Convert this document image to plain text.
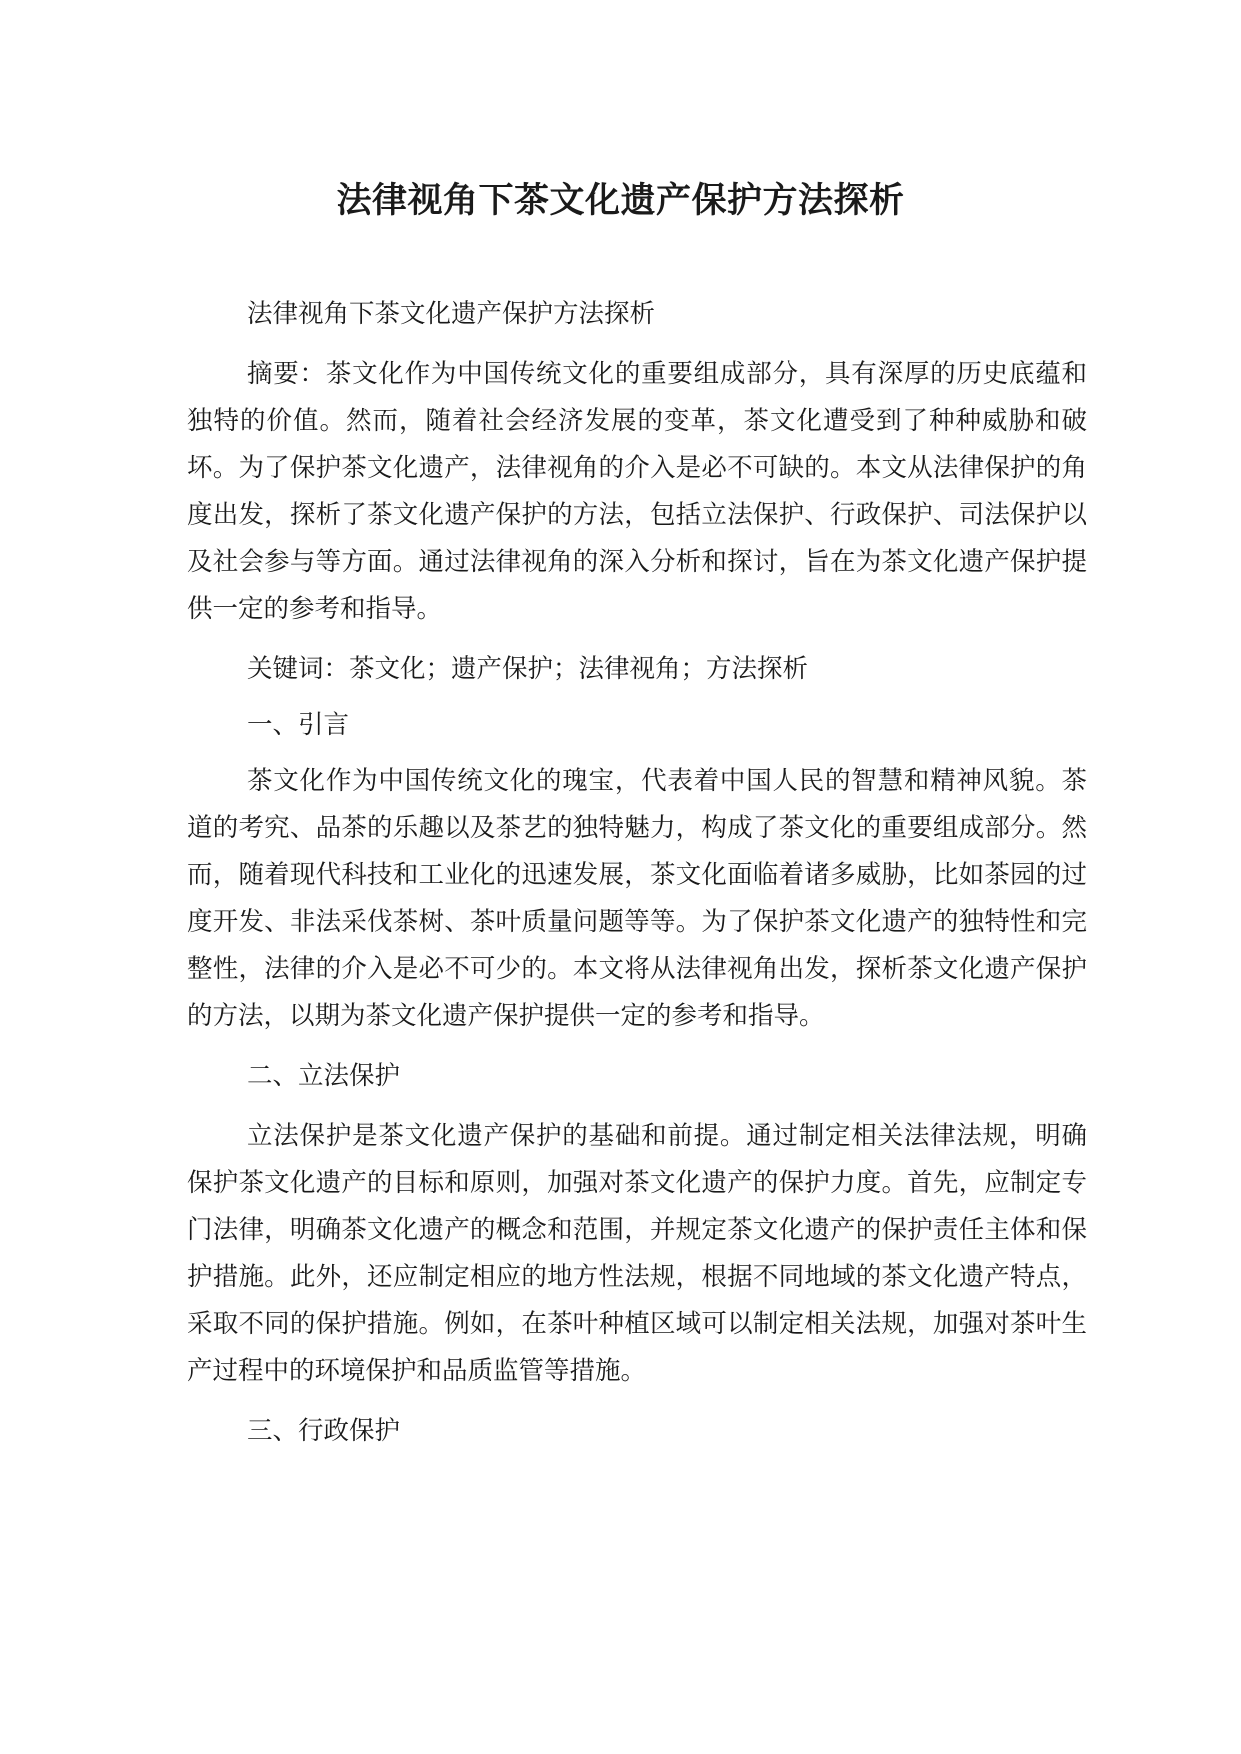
法律视角下茶文化遗产保护方法探析

法律视角下茶文化遗产保护方法探析

摘要：茶文化作为中国传统文化的重要组成部分，具有深厚的历史底蕴和独特的价值。然而，随着社会经济发展的变革，茶文化遭受到了种种威胁和破坏。为了保护茶文化遗产，法律视角的介入是必不可缺的。本文从法律保护的角度出发，探析了茶文化遗产保护的方法，包括立法保护、行政保护、司法保护以及社会参与等方面。通过法律视角的深入分析和探讨，旨在为茶文化遗产保护提供一定的参考和指导。

关键词：茶文化；遗产保护；法律视角；方法探析

一、引言

茶文化作为中国传统文化的瑰宝，代表着中国人民的智慧和精神风貌。茶道的考究、品茶的乐趣以及茶艺的独特魅力，构成了茶文化的重要组成部分。然而，随着现代科技和工业化的迅速发展，茶文化面临着诸多威胁，比如茶园的过度开发、非法采伐茶树、茶叶质量问题等等。为了保护茶文化遗产的独特性和完整性，法律的介入是必不可少的。本文将从法律视角出发，探析茶文化遗产保护的方法，以期为茶文化遗产保护提供一定的参考和指导。

二、立法保护

立法保护是茶文化遗产保护的基础和前提。通过制定相关法律法规，明确保护茶文化遗产的目标和原则，加强对茶文化遗产的保护力度。首先，应制定专门法律，明确茶文化遗产的概念和范围，并规定茶文化遗产的保护责任主体和保护措施。此外，还应制定相应的地方性法规，根据不同地域的茶文化遗产特点，采取不同的保护措施。例如，在茶叶种植区域可以制定相关法规，加强对茶叶生产过程中的环境保护和品质监管等措施。

三、行政保护
